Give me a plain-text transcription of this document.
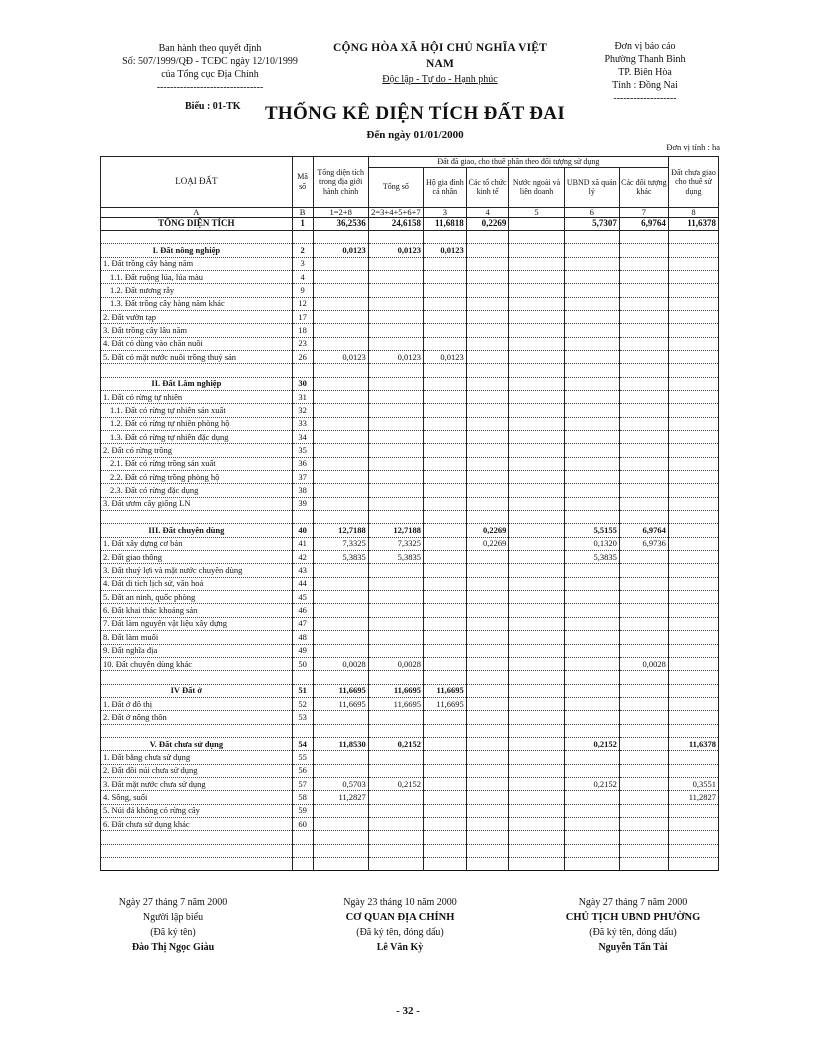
Ban hành theo quyết định
Số: 507/1999/QĐ - TCĐC ngày 12/10/1999
của Tổng cục Địa Chính
--------------------------------
CỘNG HÒA XÃ HỘI CHỦ NGHĨA VIỆT NAM
Độc lập - Tự do - Hạnh phúc
Đơn vị báo cáo
Phường Thanh Bình
TP. Biên Hòa
Tỉnh : Đồng Nai
-------------------
Biểu : 01-TK	THỐNG KÊ DIỆN TÍCH ĐẤT ĐAI
Đến ngày 01/01/2000
Đơn vị tính : ha
LOẠI ĐẤT	Mã số	Tổng diện tích trong địa giới hành chính	Đất đã giao, cho thuê phân theo đối tượng sử dụng						Đất chưa giao cho thuê sử dụng
			Tổng số	Hộ gia đình cá nhân	Các tổ chức kinh tế	Nước ngoài và liên doanh	UBND xã quản lý	Các đối tượng khác	
A	B	1=2+8	2=3+4+5+6+7	3	4	5	6	7	8
TỔNG DIỆN TÍCH	1	36,2536	24,6158	11,6818	0,2269		5,7307	6,9764	11,6378

I. Đất nông nghiệp	2	0,0123	0,0123	0,0123					
1. Đất trồng cây hàng năm	3								
1.1. Đất ruộng lúa, lúa màu	4								
1.2. Đất nương rẫy	9								
1.3. Đất trồng cây hàng năm khác	12								
2. Đất vườn tạp	17								
3. Đất trồng cây lâu năm	18								
4. Đất cỏ dùng vào chăn nuôi	23								
5. Đất có mặt nước nuôi trồng thuỷ sản	26	0,0123	0,0123	0,0123					

II. Đất Lâm nghiệp	30								
1. Đất có rừng tự nhiên	31								
1.1. Đất có rừng tự nhiên sản xuất	32								
1.2. Đất có rừng tự nhiên phòng hộ	33								
1.3. Đất có rừng tự nhiên đặc dụng	34								
2. Đất có rừng trồng	35								
2.1. Đất có rừng trồng sản xuất	36								
2.2. Đất có rừng trồng phòng hộ	37								
2.3. Đất có rừng đặc dụng	38								
3. Đất ươm cây giống LN	39								

III. Đất chuyên dùng	40	12,7188	12,7188		0,2269		5,5155	6,9764	
1. Đất xây dựng cơ bản	41	7,3325	7,3325		0,2269		0,1320	6,9736	
2. Đất giao thông	42	5,3835	5,3835				5,3835		
3. Đất thuỷ lợi và mặt nước chuyên dùng	43								
4. Đất di tích lịch sử, văn hoá	44								
5. Đất an ninh, quốc phòng	45								
6. Đất khai thác khoáng sản	46								
7. Đất làm nguyên vật liệu xây dựng	47								
8. Đất làm muối	48								
9. Đất nghĩa địa	49								
10. Đất chuyên dùng khác	50	0,0028	0,0028					0,0028	

IV Đất ở	51	11,6695	11,6695	11,6695					
1. Đất ở đô thị	52	11,6695	11,6695	11,6695					
2. Đất ở nông thôn	53								

V. Đất chưa sử dụng	54	11,8530	0,2152				0,2152		11,6378
1. Đất bằng chưa sử dụng	55								
2. Đất đồi núi chưa sử dụng	56								
3. Đất mặt nước chưa sử dụng	57	0,5703	0,2152				0,2152		0,3551
4. Sông, suối	58	11,2827							11,2827
5. Núi đá không có rừng cây	59								
6. Đất chưa sử dụng khác	60								

Ngày 27 tháng 7 năm 2000
Người lập biểu
(Đã ký tên)
Đào Thị Ngọc Giàu
Ngày 23 tháng 10 năm 2000
CƠ QUAN ĐỊA CHÍNH
(Đã ký tên, đóng dấu)
Lê Văn Kỳ
Ngày 27 tháng 7 năm 2000
CHỦ TỊCH UBND PHƯỜNG
(Đã ký tên, đóng dấu)
Nguyễn Tấn Tài
- 32 -
